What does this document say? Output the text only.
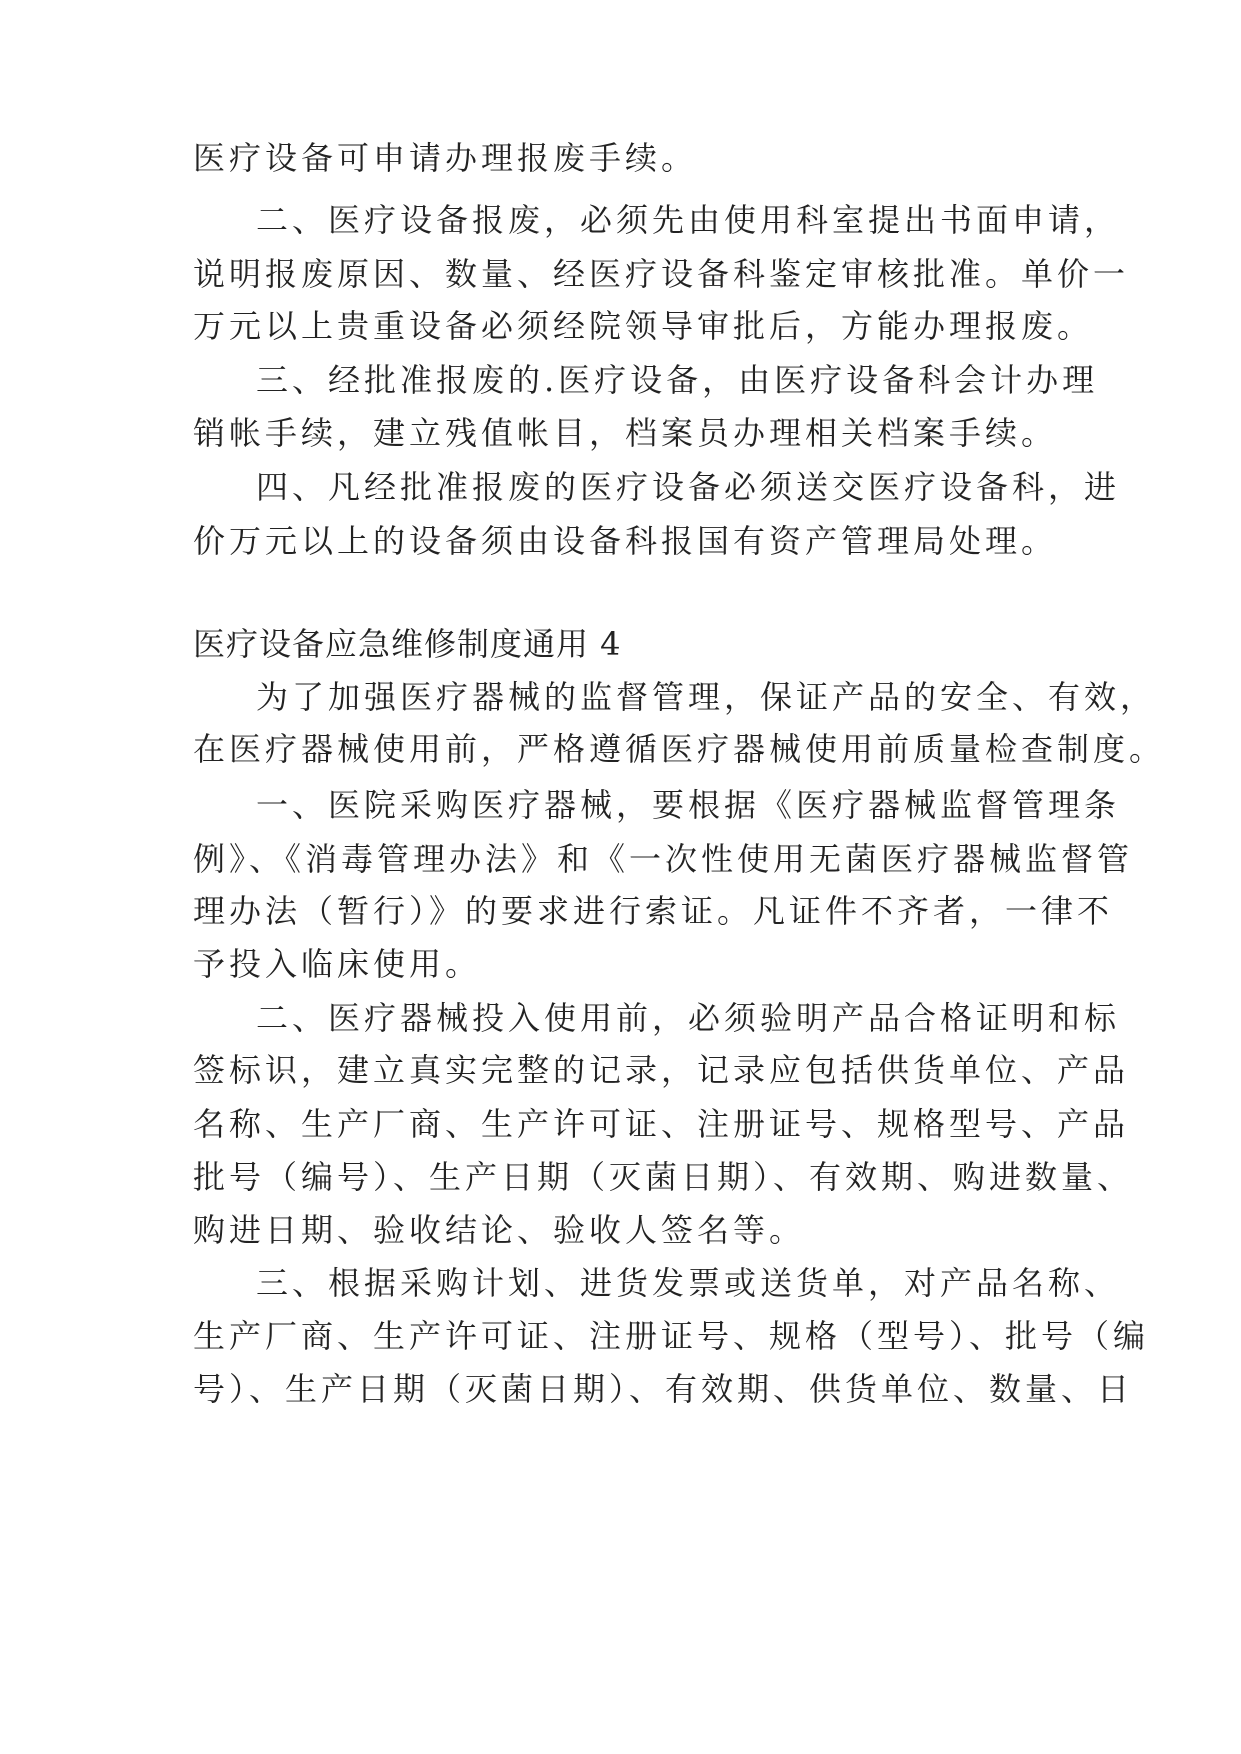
医疗设备可申请办理报废手续。
二、医疗设备报废，必须先由使用科室提出书面申请，
说明报废原因、数量、经医疗设备科鉴定审核批准。单价一
万元以上贵重设备必须经院领导审批后，方能办理报废。
三、经批准报废的.医疗设备，由医疗设备科会计办理
销帐手续，建立残值帐目，档案员办理相关档案手续。
四、凡经批准报废的医疗设备必须送交医疗设备科，进
价万元以上的设备须由设备科报国有资产管理局处理。
医疗设备应急维修制度通用 4
为了加强医疗器械的监督管理，保证产品的安全、有效，
在医疗器械使用前，严格遵循医疗器械使用前质量检查制度。
一、医院采购医疗器械，要根据《医疗器械监督管理条
例》、《消毒管理办法》和《一次性使用无菌医疗器械监督管
理办法（暂行）》的要求进行索证。凡证件不齐者，一律不
予投入临床使用。
二、医疗器械投入使用前，必须验明产品合格证明和标
签标识，建立真实完整的记录，记录应包括供货单位、产品
名称、生产厂商、生产许可证、注册证号、规格型号、产品
批号（编号）、生产日期（灭菌日期）、有效期、购进数量、
购进日期、验收结论、验收人签名等。
三、根据采购计划、进货发票或送货单，对产品名称、
生产厂商、生产许可证、注册证号、规格（型号）、批号（编
号）、生产日期（灭菌日期）、有效期、供货单位、数量、日
